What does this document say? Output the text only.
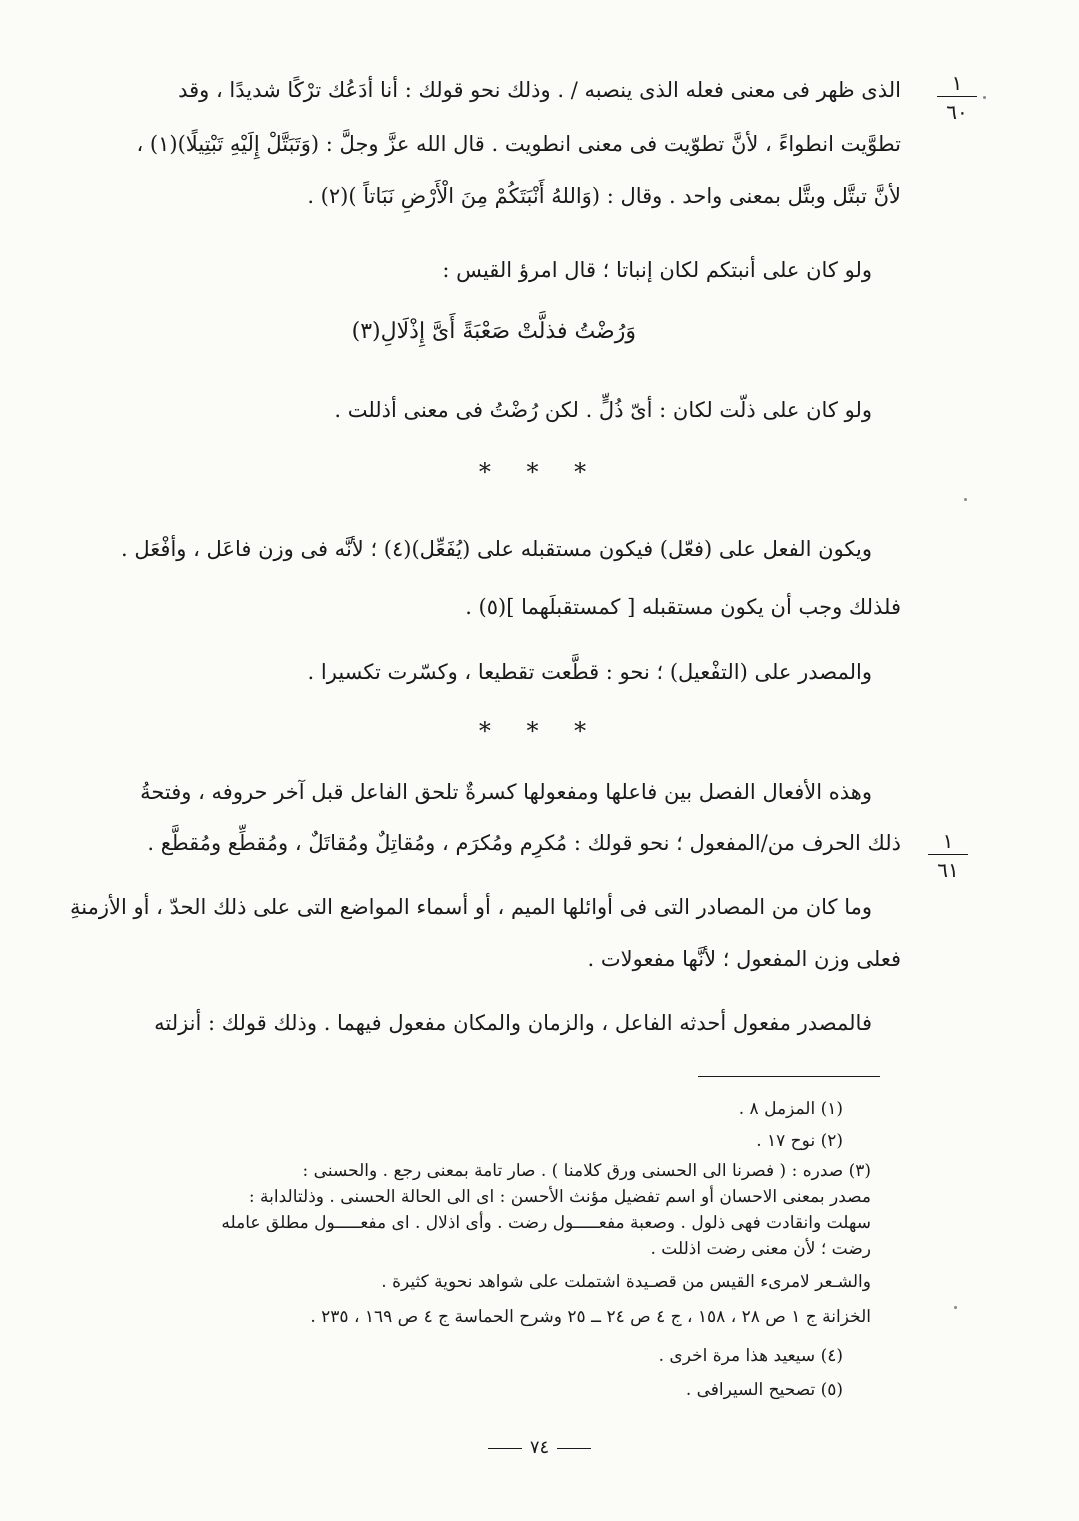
١
٦٠
١
٦١
الذى ظهر فى معنى فعله الذى ينصبه / . وذلك نحو قولك : أنا أدَعُك ترْكًا شديدًا ، وقد
تطوَّيت انطواءً ، لأنَّ تطوّيت فى معنى انطويت . قال الله عزَّ وجلَّ : (وَتَبَتَّلْ إِلَيْهِ تَبْتِيلًا)(١) ،
لأنَّ تبتَّل وبتَّل بمعنى واحد . وقال : (وَاللهُ أَنْبَتَكُمْ مِنَ الْأَرْضِ نَبَاتاً )(٢) .
ولو كان على أنبتكم لكان إنباتا ؛ قال امرؤ القيس :
وَرُضْتُ فذلَّتْ صَعْبَةً أَىَّ إِذْلَالِ(٣)
ولو كان على ذلّت لكان : أىّ ذُلٍّ . لكن رُضْتُ فى معنى أذللت .
* * *
ويكون الفعل على (فعّل) فيكون مستقبله على (يُفَعِّل)(٤) ؛ لأنَّه فى وزن فاعَل ، وأفْعَل .
فلذلك وجب أن يكون مستقبله [ كمستقبلَهما ](٥) .
والمصدر على (التفْعيل) ؛ نحو : قطَّعت تقطيعا ، وكسّرت تكسيرا .
* * *
وهذه الأفعال الفصل بين فاعلها ومفعولها كسرةٌ تلحق الفاعل قبل آخر حروفه ، وفتحةُ
ذلك الحرف من/المفعول ؛ نحو قولك : مُكرِم ومُكرَم ، ومُقاتِلٌ ومُقاتَلٌ ، ومُقطِّع ومُقطَّع .
وما كان من المصادر التى فى أوائلها الميم ، أو أسماء المواضع التى على ذلك الحدّ ، أو الأزمنةِ
فعلى وزن المفعول ؛ لأنَّها مفعولات .
فالمصدر مفعول أحدثه الفاعل ، والزمان والمكان مفعول فيهما . وذلك قولك : أنزلته
(١) المزمل ٨ .
(٢) نوح ١٧ .
(٣) صدره : ( فصرنا الى الحسنى ورق كلامنا ) . صار تامة بمعنى رجع . والحسنى :
مصدر بمعنى الاحسان أو اسم تفضيل مؤنث الأحسن : اى الى الحالة الحسنى . وذلتالدابة :
سهلت وانقادت فهى ذلول . وصعبة مفعـــــول رضت . وأى اذلال . اى مفعـــــول مطلق عامله
رضت ؛ لأن معنى رضت اذللت .
والشـعر لامرىء القيس من قصـيدة اشتملت على شواهد نحوية كثيرة .
الخزانة ج ١ ص ٢٨ ، ١٥٨ ، ج ٤ ص ٢٤ ــ ٢٥ وشرح الحماسة ج ٤ ص ١٦٩ ، ٢٣٥ .
(٤) سيعيد هذا مرة اخرى .
(٥) تصحيح السيرافى .
٧٤
